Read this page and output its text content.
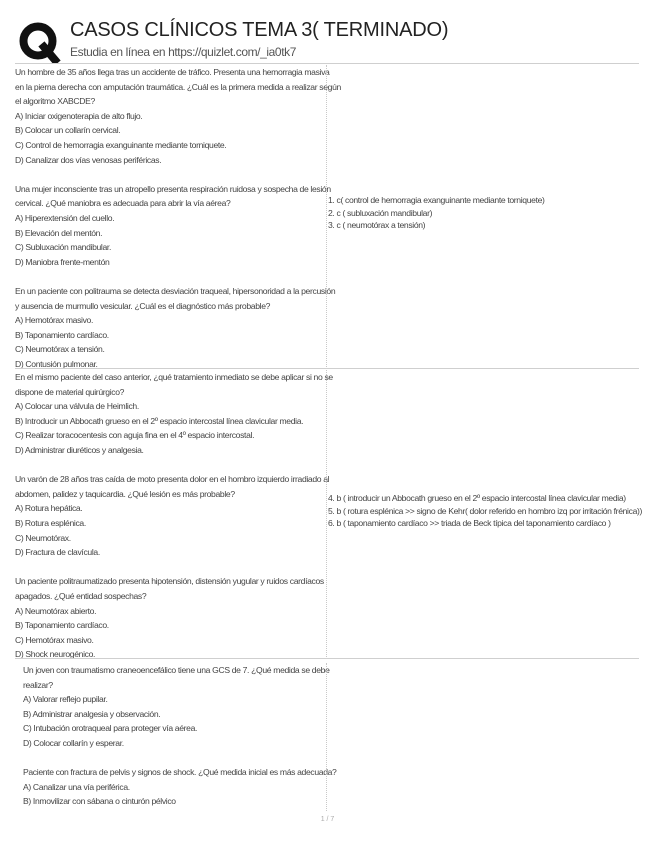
CASOS CLÍNICOS TEMA 3( TERMINADO)
Estudia en línea en https://quizlet.com/_ia0tk7
Un hombre de 35 años llega tras un accidente de tráfico. Presenta una hemorragia masiva
en la pierna derecha con amputación traumática. ¿Cuál es la primera medida a realizar según
el algoritmo XABCDE?
A) Iniciar oxigenoterapia de alto flujo.
B) Colocar un collarín cervical.
C) Control de hemorragia exanguinante mediante torniquete.
D) Canalizar dos vías venosas periféricas.
Una mujer inconsciente tras un atropello presenta respiración ruidosa y sospecha de lesión
cervical. ¿Qué maniobra es adecuada para abrir la vía aérea?
A) Hiperextensión del cuello.
B) Elevación del mentón.
C) Subluxación mandibular.
D) Maniobra frente-mentón
En un paciente con politrauma se detecta desviación traqueal, hipersonoridad a la percusión
y ausencia de murmullo vesicular. ¿Cuál es el diagnóstico más probable?
A) Hemotórax masivo.
B) Taponamiento cardíaco.
C) Neumotórax a tensión.
D) Contusión pulmonar.
1. c( control de hemorragia exanguinante mediante torniquete)
2. c ( subluxación mandibular)
3. c ( neumotórax a tensión)
En el mismo paciente del caso anterior, ¿qué tratamiento inmediato se debe aplicar si no se
dispone de material quirúrgico?
A) Colocar una válvula de Heimlich.
B) Introducir un Abbocath grueso en el 2º espacio intercostal línea clavicular media.
C) Realizar toracocentesis con aguja fina en el 4º espacio intercostal.
D) Administrar diuréticos y analgesia.
Un varón de 28 años tras caída de moto presenta dolor en el hombro izquierdo irradiado al
abdomen, palidez y taquicardia. ¿Qué lesión es más probable?
A) Rotura hepática.
B) Rotura esplénica.
C) Neumotórax.
D) Fractura de clavícula.
Un paciente politraumatizado presenta hipotensión, distensión yugular y ruidos cardíacos
apagados. ¿Qué entidad sospechas?
A) Neumotórax abierto.
B) Taponamiento cardíaco.
C) Hemotórax masivo.
D) Shock neurogénico.
4. b ( introducir un Abbocath grueso en el 2º espacio intercostal línea clavicular media)
5. b ( rotura esplénica >> signo de Kehr( dolor referido en hombro izq por irritación frénica))
6. b ( taponamiento cardíaco >> triada de Beck típica del taponamiento cardíaco )
Un joven con traumatismo craneoencefálico tiene una GCS de 7. ¿Qué medida se debe
realizar?
A) Valorar reflejo pupilar.
B) Administrar analgesia y observación.
C) Intubación orotraqueal para proteger vía aérea.
D) Colocar collarín y esperar.
Paciente con fractura de pelvis y signos de shock. ¿Qué medida inicial es más adecuada?
A) Canalizar una vía periférica.
B) Inmovilizar con sábana o cinturón pélvico
1 / 7
